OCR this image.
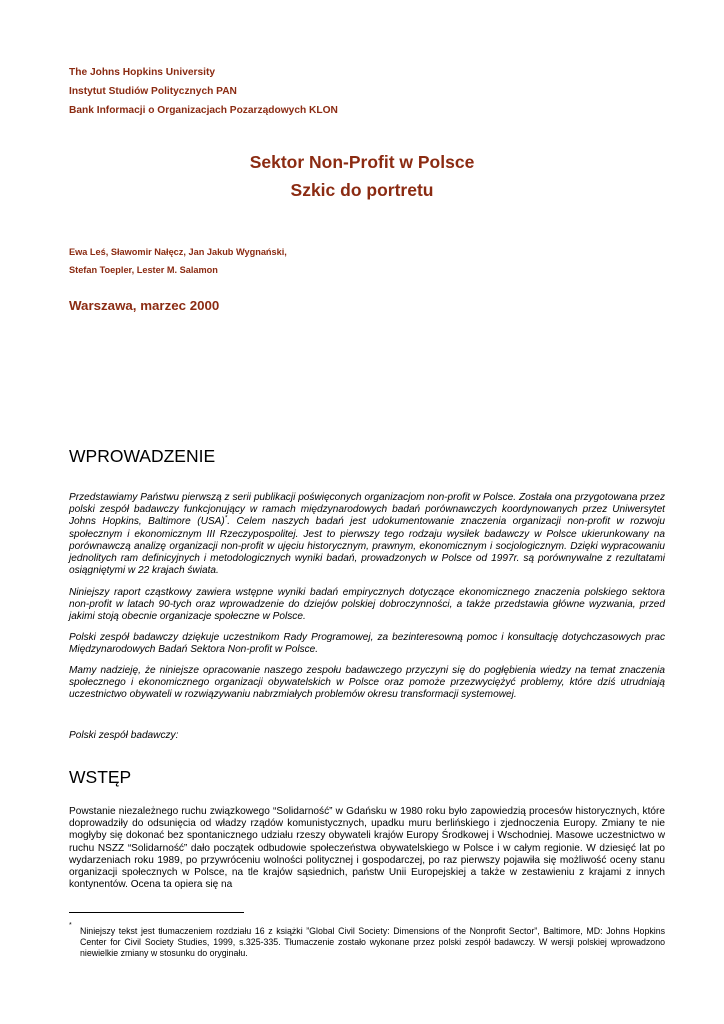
The Johns Hopkins University
Instytut Studiów Politycznych PAN
Bank Informacji o Organizacjach Pozarządowych KLON
Sektor Non-Profit w Polsce
Szkic do portretu
Ewa Leś, Sławomir Nałęcz, Jan Jakub Wygnański,
Stefan Toepler, Lester M. Salamon
Warszawa, marzec 2000
WPROWADZENIE

Przedstawiamy Państwu pierwszą z serii publikacji poświęconych organizacjom non-profit w Polsce. Została ona przygotowana przez polski zespół badawczy funkcjonujący w ramach międzynarodowych badań porównawczych koordynowanych przez Uniwersytet Johns Hopkins, Baltimore (USA)*. Celem naszych badań jest udokumentowanie znaczenia organizacji non-profit w rozwoju społecznym i ekonomicznym III Rzeczypospolitej. Jest to pierwszy tego rodzaju wysiłek badawczy w Polsce ukierunkowany na porównawczą analizę organizacji non-profit w ujęciu historycznym, prawnym, ekonomicznym i socjologicznym. Dzięki wypracowaniu jednolitych ram definicyjnych i metodologicznych wyniki badań, prowadzonych w Polsce od 1997r. są porównywalne z rezultatami osiągniętymi w 22 krajach świata.

Niniejszy raport cząstkowy zawiera wstępne wyniki badań empirycznych dotyczące ekonomicznego znaczenia polskiego sektora non-profit w latach 90-tych oraz wprowadzenie do dziejów polskiej dobroczynności, a także przedstawia główne wyzwania, przed jakimi stoją obecnie organizacje społeczne w Polsce.

Polski zespół badawczy dziękuje uczestnikom Rady Programowej, za bezinteresowną pomoc i konsultację dotychczasowych prac Międzynarodowych Badań Sektora Non-profit w Polsce.

Mamy nadzieję, że niniejsze opracowanie naszego zespołu badawczego przyczyni się do pogłębienia wiedzy na temat znaczenia społecznego i ekonomicznego organizacji obywatelskich w Polsce oraz pomoże przezwyciężyć problemy, które dziś utrudniają uczestnictwo obywateli w rozwiązywaniu nabrzmiałych problemów okresu transformacji systemowej.

Polski zespół badawczy:

WSTĘP

Powstanie niezależnego ruchu związkowego “Solidarność” w Gdańsku w 1980 roku było zapowiedzią procesów historycznych, które doprowadziły do odsunięcia od władzy rządów komunistycznych, upadku muru berlińskiego i zjednoczenia Europy. Zmiany te nie mogłyby się dokonać bez spontanicznego udziału rzeszy obywateli krajów Europy Środkowej i Wschodniej. Masowe uczestnictwo w ruchu NSZZ “Solidarność” dało początek odbudowie społeczeństwa obywatelskiego w Polsce i w całym regionie. W dziesięć lat po wydarzeniach roku 1989, po przywróceniu wolności politycznej i gospodarczej, po raz pierwszy pojawiła się możliwość oceny stanu organizacji społecznych w Polsce, na tle krajów sąsiednich, państw Unii Europejskiej a także w zestawieniu z krajami z innych kontynentów. Ocena ta opiera się na

*

Niniejszy tekst jest tłumaczeniem rozdziału 16 z książki ”Global Civil Society: Dimensions of the Nonprofit Sector”, Baltimore, MD: Johns Hopkins Center for Civil Society Studies, 1999, s.325-335. Tłumaczenie zostało wykonane przez polski zespół badawczy. W wersji polskiej wprowadzono niewielkie zmiany w stosunku do oryginału.
